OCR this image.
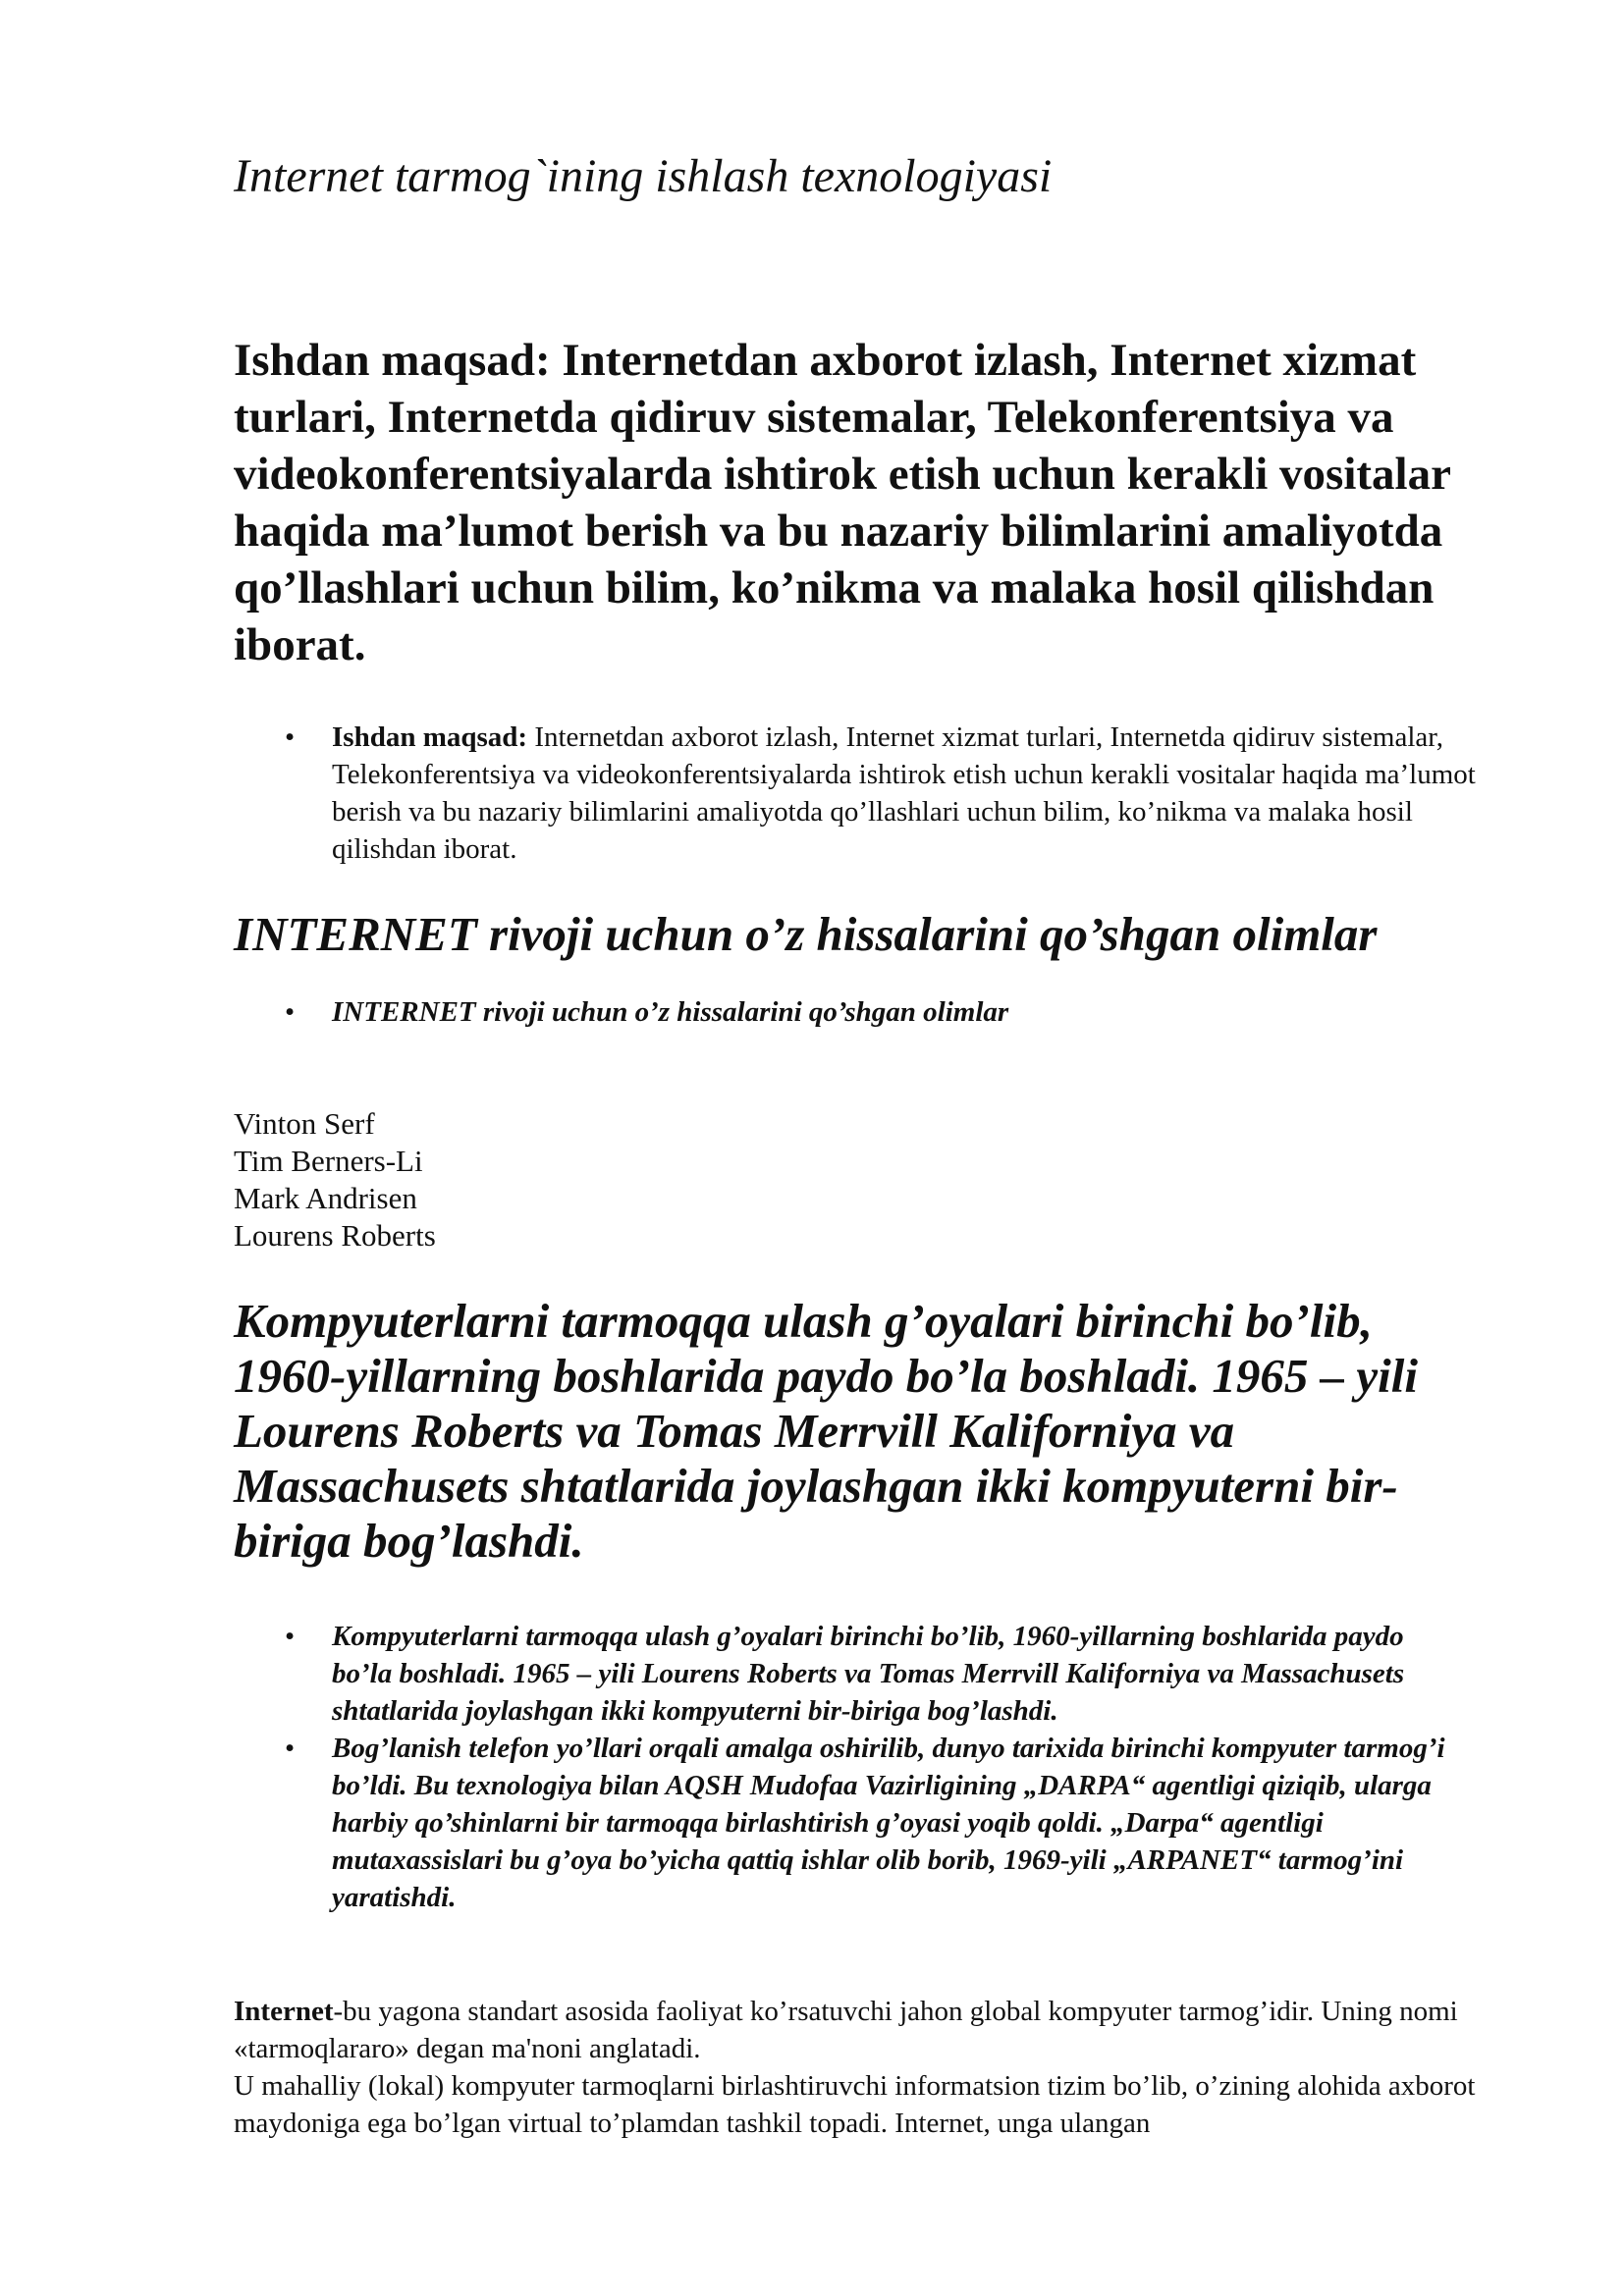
Internet tarmog`ining ishlash texnologiyasi
Ishdan maqsad: Internetdan axborot izlash, Internet xizmat turlari, Internetda qidiruv sistemalar, Telekonferentsiya va videokonferentsiyalarda ishtirok etish uchun kerakli vositalar haqida ma’lumot berish va bu nazariy bilimlarini amaliyotda qo’llashlari uchun bilim, ko’nikma va malaka hosil qilishdan iborat.
• Ishdan maqsad: Internetdan axborot izlash, Internet xizmat turlari, Internetda qidiruv sistemalar, Telekonferentsiya va videokonferentsiyalarda ishtirok etish uchun kerakli vositalar haqida ma’lumot berish va bu nazariy bilimlarini amaliyotda qo’llashlari uchun bilim, ko’nikma va malaka hosil qilishdan iborat.
INTERNET rivoji uchun o’z hissalarini qo’shgan olimlar
• INTERNET rivoji uchun o’z hissalarini qo’shgan olimlar
Vinton Serf
Tim Berners-Li
Mark Andrisen
Lourens Roberts
Kompyuterlarni tarmoqqa ulash g’oyalari birinchi bo’lib, 1960-yillarning boshlarida paydo bo’la boshladi. 1965 – yili Lourens Roberts va Tomas Merrvill Kaliforniya va Massachusets shtatlarida joylashgan ikki kompyuterni bir-biriga bog’lashdi.
• Kompyuterlarni tarmoqqa ulash g’oyalari birinchi bo’lib, 1960-yillarning boshlarida paydo bo’la boshladi. 1965 – yili Lourens Roberts va Tomas Merrvill Kaliforniya va Massachusets shtatlarida joylashgan ikki kompyuterni bir-biriga bog’lashdi.
• Bog’lanish telefon yo’llari orqali amalga oshirilib, dunyo tarixida birinchi kompyuter tarmog’i bo’ldi. Bu texnologiya bilan AQSH Mudofaa Vazirligining „DARPA“ agentligi qiziqib, ularga harbiy qo’shinlarni bir tarmoqqa birlashtirish g’oyasi yoqib qoldi. „Darpa“ agentligi mutaxassislari bu g’oya bo’yicha qattiq ishlar olib borib, 1969-yili „ARPANET“ tarmog’ini yaratishdi.

Internet-bu yagona standart asosida faoliyat ko’rsatuvchi jahon global kompyuter tarmog’idir. Uning nomi «tarmoqlararo» degan ma'noni anglatadi.

U mahalliy (lokal) kompyuter tarmoqlarni birlashtiruvchi informatsion tizim bo’lib, o’zining alohida axborot maydoniga ega bo’lgan virtual to’plamdan tashkil topadi. Internet, unga ulangan
